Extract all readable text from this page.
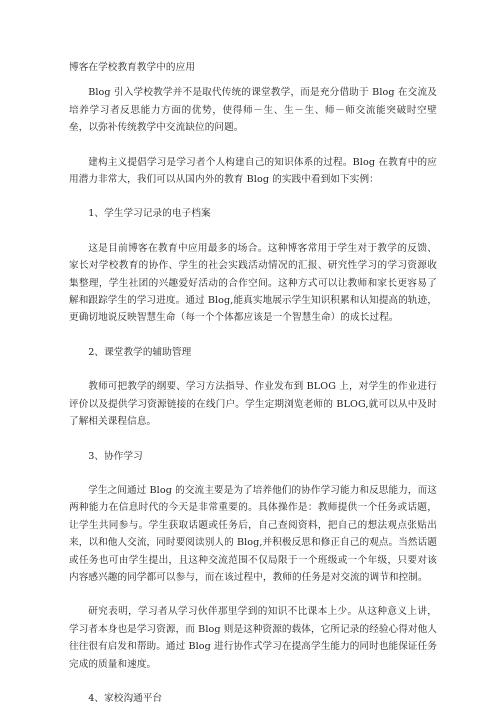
博客在学校教育教学中的应用

Blog 引入学校教学并不是取代传统的课堂教学，而是充分借助于 Blog 在交流及培养学习者反思能力方面的优势，使得师－生、生－生、师－师交流能突破时空壁垒，以弥补传统教学中交流缺位的问题。

建构主义提倡学习是学习者个人构建自己的知识体系的过程。Blog 在教育中的应用潜力非常大，我们可以从国内外的教育 Blog 的实践中看到如下实例：

1、学生学习记录的电子档案

这是目前博客在教育中应用最多的场合。这种博客常用于学生对于教学的反馈、家长对学校教育的协作、学生的社会实践活动情况的汇报、研究性学习的学习资源收集整理，学生社团的兴趣爱好活动的合作空间。这种方式可以让教师和家长更容易了解和跟踪学生的学习进度。通过 Blog,能真实地展示学生知识积累和认知提高的轨迹，更确切地说反映智慧生命（每一个个体都应该是一个智慧生命）的成长过程。

2、课堂教学的辅助管理

教师可把教学的纲要、学习方法指导、作业发布到 BLOG 上，对学生的作业进行评价以及提供学习资源链接的在线门户。学生定期浏览老师的 BLOG,就可以从中及时了解相关课程信息。

3、协作学习

学生之间通过 Blog 的交流主要是为了培养他们的协作学习能力和反思能力，而这两种能力在信息时代的今天是非常重要的。具体操作是：教师提供一个任务或话题，让学生共同参与。学生获取话题或任务后，自己查阅资料，把自己的想法观点张贴出来，以和他人交流，同时要阅读别人的 Blog,并积极反思和修正自己的观点。当然话题或任务也可由学生提出，且这种交流范围不仅局限于一个班级或一个年级，只要对该内容感兴趣的同学都可以参与，而在该过程中，教师的任务是对交流的调节和控制。

研究表明，学习者从学习伙伴那里学到的知识不比课本上少。从这种意义上讲，学习者本身也是学习资源，而 Blog 则是这种资源的载体，它所记录的经验心得对他人往往很有启发和帮助。通过 Blog 进行协作式学习在提高学生能力的同时也能保证任务完成的质量和速度。

4、家校沟通平台
